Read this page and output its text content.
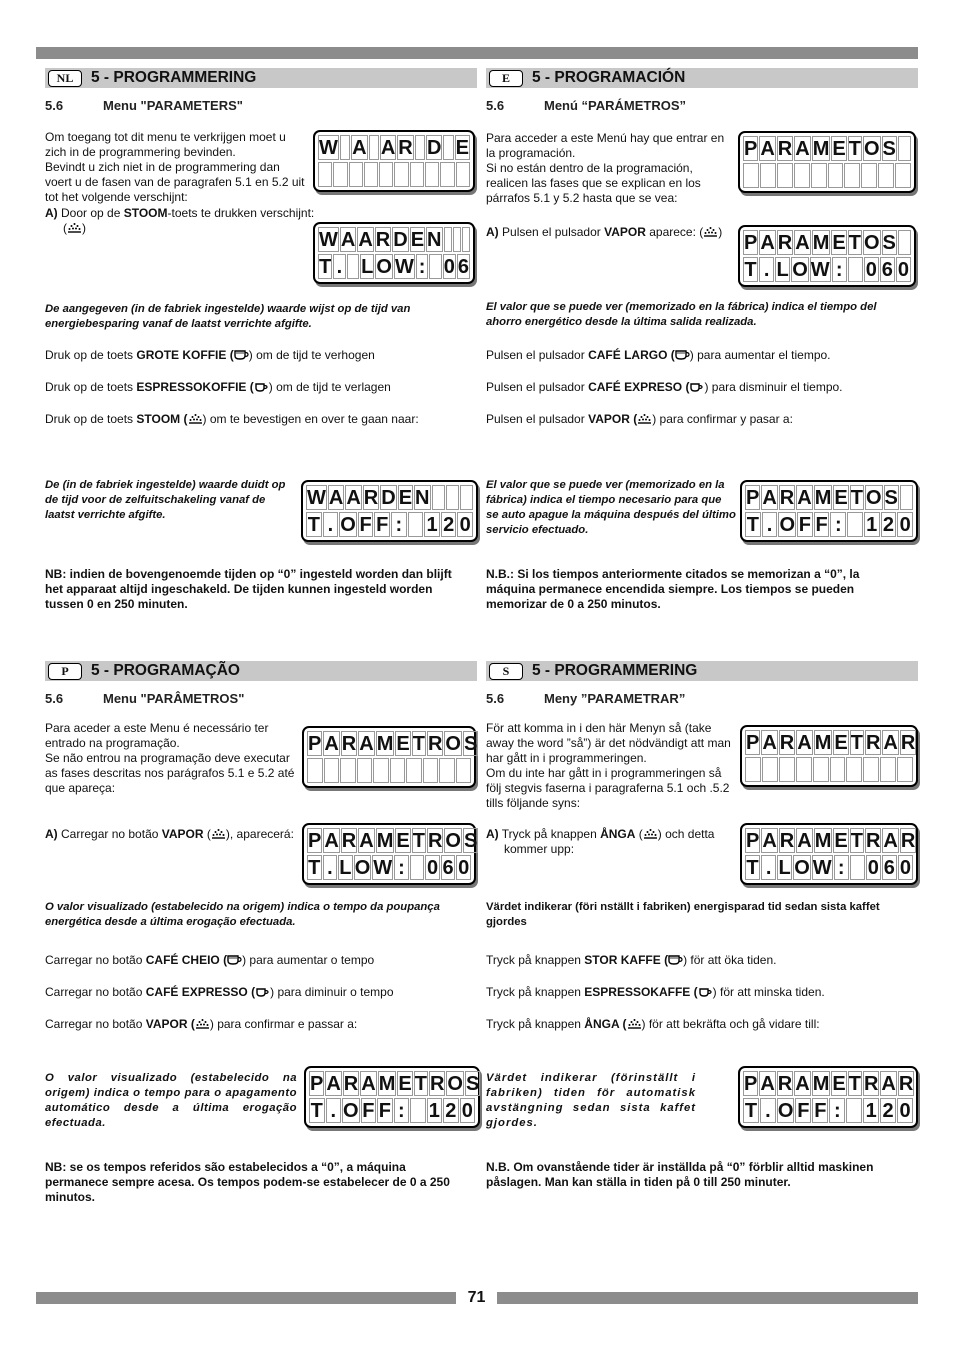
NL	5 - PROGRAMMERING
5.6	Menu "PARAMETERS"
Om toegang tot dit menu te verkrijgen moet u zich in de programmering bevinden.
Bevindt u zich niet in de programmering dan voert u de fasen van de paragrafen 5.1 en 5.2 uit tot het volgende verschijnt:
A) Door op de STOOM-toets te drukken verschijnt: ( )
De aangegeven (in de fabriek ingestelde) waarde wijst op de tijd van energiebesparing vanaf de laatst verrichte afgifte.
Druk op de toets GROTE KOFFIE ( ) om de tijd te verhogen
Druk op de toets ESPRESSOKOFFIE ( ) om de tijd te verlagen
Druk op de toets STOOM ( ) om te bevestigen en over te gaan naar:
De (in de fabriek ingestelde) waarde duidt op de tijd voor de zelfuitschakeling vanaf de laatst verrichte afgifte.
NB: indien de bovengenoemde tijden op “0” ingesteld worden dan blijft het apparaat altijd ingeschakeld. De tijden kunnen ingesteld worden tussen 0 en 250 minuten.
W A A R D E
W A A R D E N
T . L O W : 0 6
W A A R D E N
T . O F F : 1 2 0
E	5 - PROGRAMACIÓN
5.6	Menú “PARÁMETROS”
Para acceder a este Menú hay que entrar en la programación.
Si no están dentro de la programación, realicen las fases que se explican en los párrafos 5.1 y 5.2 hasta que se vea:
A) Pulsen el pulsador VAPOR aparece: ( )
El valor que se puede ver (memorizado en la fábrica) indica el tiempo del ahorro energético desde la última salida realizada.
Pulsen el pulsador CAFÉ LARGO ( ) para aumentar el tiempo.
Pulsen el pulsador CAFÉ EXPRESO ( ) para disminuir el tiempo.
Pulsen el pulsador VAPOR ( ) para confirmar y pasar a:
El valor que se puede ver (memorizado en la fábrica) indica el tiempo necesario para que se auto apague la máquina después del último servicio efectuado.
N.B.: Si los tiempos anteriormente citados se memorizan a “0”, la máquina permanece encendida siempre. Los tiempos se pueden memorizar de 0 a 250 minutos.
P A R A M E T O S
P A R A M E T O S
T . L O W : 0 6 0
P A R A M E T O S
T . O F F : 1 2 0
P	5 - PROGRAMAÇÃO
5.6	Menu "PARÂMETROS"
Para aceder a este Menu é necessário ter entrado na programação.
Se não entrou na programação deve executar as fases descritas nos parágrafos 5.1 e 5.2 até que apareça:
A) Carregar no botão VAPOR ( ), aparecerá:
O valor visualizado (estabelecido na origem) indica o tempo da poupança energética desde a última erogação efectuada.
Carregar no botão CAFÉ CHEIO ( ) para aumentar o tempo
Carregar no botão CAFÉ EXPRESSO ( ) para diminuir o tempo
Carregar no botão VAPOR ( ) para confirmar e passar a:
O valor visualizado (estabelecido na origem) indica o tempo para o apagamento automático desde a última erogação efectuada.
NB: se os tempos referidos são estabelecidos a “0”, a máquina permanece sempre acesa. Os tempos podem-se estabelecer de 0 a 250 minutos.
P A R A M E T R O S
P A R A M E T R O S
T . L O W : 0 6 0
P A R A M E T R O S
T . O F F : 1 2 0
S	5 - PROGRAMMERING
5.6	Meny ”PARAMETRAR”
För att komma in i den här Menyn så (take away the word ”så”) är det nödvändigt att man har gått in i programmeringen.
Om du inte har gått in i programmeringen så följ stegvis faserna i paragraferna 5.1 och .5.2 tills följande syns:
A) Tryck på knappen ÅNGA ( ) och detta kommer upp:
Värdet indikerar (föri nställt i fabriken) energisparad tid sedan sista kaffet gjordes
Tryck på knappen STOR KAFFE ( ) för att öka tiden.
Tryck på knappen ESPRESSOKAFFE ( ) för att minska tiden.
Tryck på knappen ÅNGA ( ) för att bekräfta och gå vidare till:
Värdet indikerar (förinställt i fabriken) tiden för automatisk avstängning sedan sista kaffet gjordes.
N.B. Om ovanstående tider är inställda på “0” förblir alltid maskinen påslagen. Man kan ställa in tiden på 0 till 250 minuter.
P A R A M E T R A R
P A R A M E T R A R
T . L O W : 0 6 0
P A R A M E T R A R
T . O F F : 1 2 0
71
